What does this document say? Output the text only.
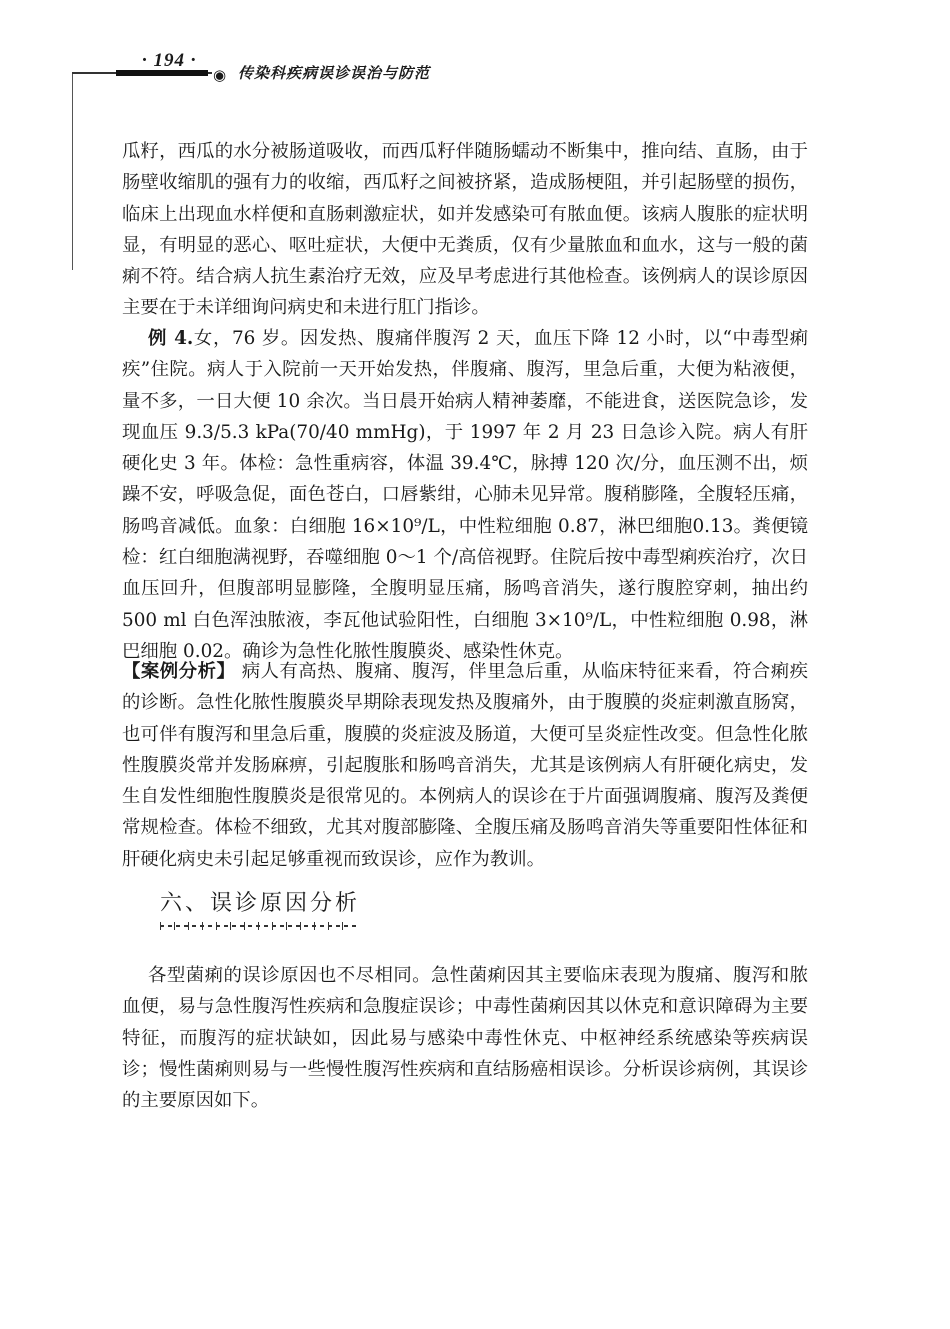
· 194 ·
◉ 传染科疾病误诊误治与防范

瓜籽，西瓜的水分被肠道吸收，而西瓜籽伴随肠蠕动不断集中，推向结、直肠，由于肠壁收缩肌的强有力的收缩，西瓜籽之间被挤紧，造成肠梗阻，并引起肠壁的损伤，临床上出现血水样便和直肠刺激症状，如并发感染可有脓血便。该病人腹胀的症状明显，有明显的恶心、呕吐症状，大便中无粪质，仅有少量脓血和血水，这与一般的菌痢不符。结合病人抗生素治疗无效，应及早考虑进行其他检查。该例病人的误诊原因主要在于未详细询问病史和未进行肛门指诊。

例 4.女，76 岁。因发热、腹痛伴腹泻 2 天，血压下降 12 小时，以“中毒型痢疾”住院。病人于入院前一天开始发热，伴腹痛、腹泻，里急后重，大便为粘液便，量不多，一日大便 10 余次。当日晨开始病人精神萎靡，不能进食，送医院急诊，发现血压 9.3/5.3 kPa(70/40 mmHg)，于 1997 年 2 月 23 日急诊入院。病人有肝硬化史 3 年。体检：急性重病容，体温 39.4℃，脉搏 120 次/分，血压测不出，烦躁不安，呼吸急促，面色苍白，口唇紫绀，心肺未见异常。腹稍膨隆，全腹轻压痛，肠鸣音减低。血象：白细胞 16×10⁹/L，中性粒细胞 0.87，淋巴细胞0.13。粪便镜检：红白细胞满视野，吞噬细胞 0～1 个/高倍视野。住院后按中毒型痢疾治疗，次日血压回升，但腹部明显膨隆，全腹明显压痛，肠鸣音消失，遂行腹腔穿刺，抽出约 500 ml 白色浑浊脓液，李瓦他试验阳性，白细胞 3×10⁹/L，中性粒细胞 0.98，淋巴细胞 0.02。确诊为急性化脓性腹膜炎、感染性休克。

【案例分析】 病人有高热、腹痛、腹泻，伴里急后重，从临床特征来看，符合痢疾的诊断。急性化脓性腹膜炎早期除表现发热及腹痛外，由于腹膜的炎症刺激直肠窝，也可伴有腹泻和里急后重，腹膜的炎症波及肠道，大便可呈炎症性改变。但急性化脓性腹膜炎常并发肠麻痹，引起腹胀和肠鸣音消失，尤其是该例病人有肝硬化病史，发生自发性细胞性腹膜炎是很常见的。本例病人的误诊在于片面强调腹痛、腹泻及粪便常规检查。体检不细致，尤其对腹部膨隆、全腹压痛及肠鸣音消失等重要阳性体征和肝硬化病史未引起足够重视而致误诊，应作为教训。

六、误诊原因分析

各型菌痢的误诊原因也不尽相同。急性菌痢因其主要临床表现为腹痛、腹泻和脓血便，易与急性腹泻性疾病和急腹症误诊；中毒性菌痢因其以休克和意识障碍为主要特征，而腹泻的症状缺如，因此易与感染中毒性休克、中枢神经系统感染等疾病误诊；慢性菌痢则易与一些慢性腹泻性疾病和直结肠癌相误诊。分析误诊病例，其误诊的主要原因如下。
